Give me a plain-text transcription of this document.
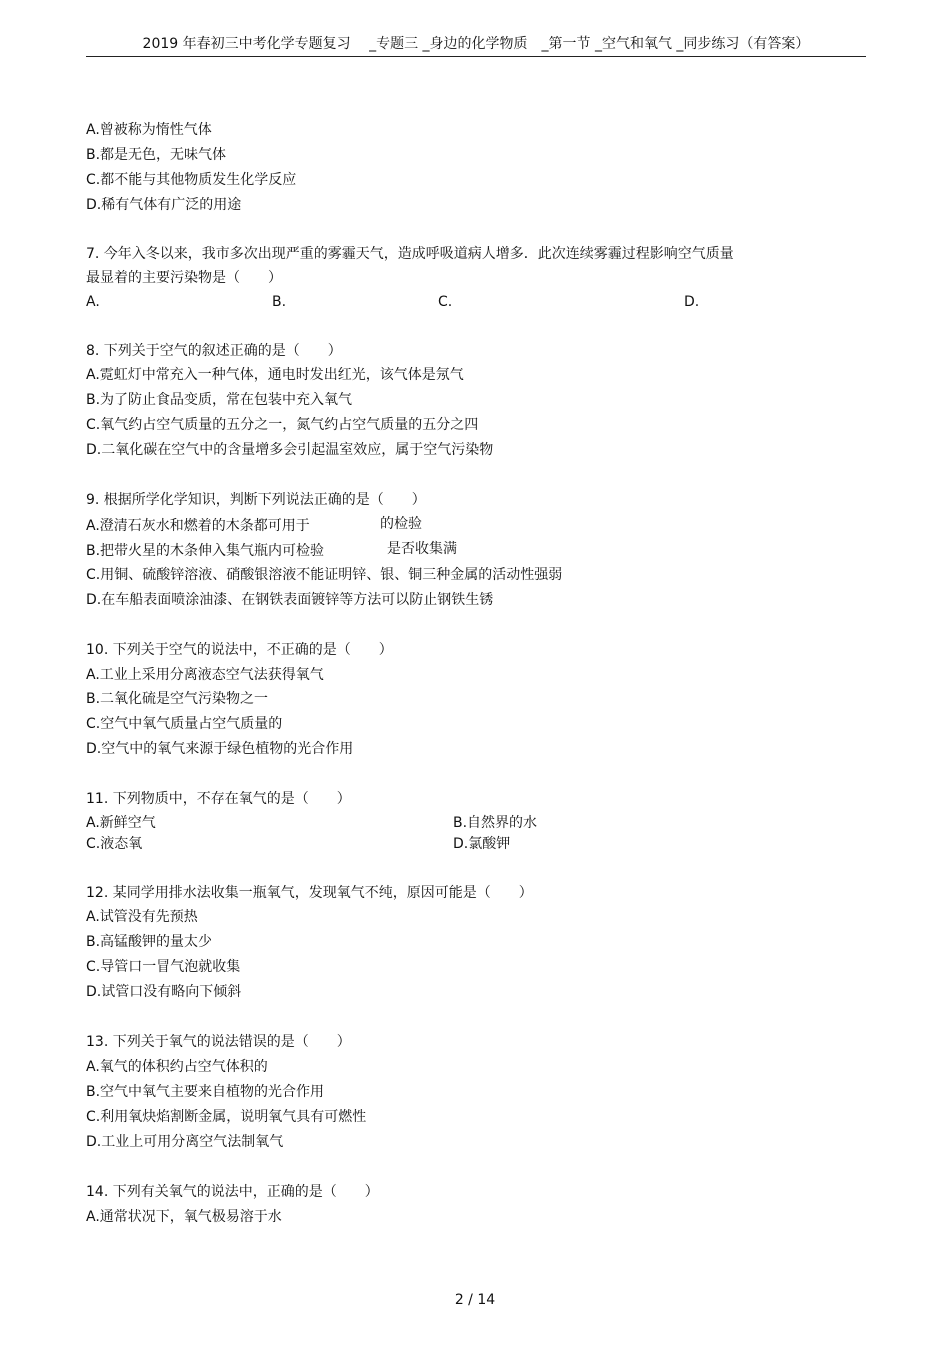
2019 年春初三中考化学专题复习　 _专题三 _身边的化学物质　_第一节 _空气和氧气 _同步练习（有答案）
A.曾被称为惰性气体
B.都是无色，无味气体
C.都不能与其他物质发生化学反应
D.稀有气体有广泛的用途
7. 今年入冬以来，我市多次出现严重的雾霾天气，造成呼吸道病人增多．此次连续雾霾过程影响空气质量
最显着的主要污染物是（　　）
A.	B.	C.	D.
8. 下列关于空气的叙述正确的是（　　）
A.霓虹灯中常充入一种气体，通电时发出红光，该气体是氖气
B.为了防止食品变质，常在包装中充入氧气
C.氧气约占空气质量的五分之一，氮气约占空气质量的五分之四
D.二氧化碳在空气中的含量增多会引起温室效应，属于空气污染物
9. 根据所学化学知识，判断下列说法正确的是（　　）
A.澄清石灰水和燃着的木条都可用于	的检验
B.把带火星的木条伸入集气瓶内可检验	是否收集满
C.用铜、硫酸锌溶液、硝酸银溶液不能证明锌、银、铜三种金属的活动性强弱
D.在车船表面喷涂油漆、在钢铁表面镀锌等方法可以防止钢铁生锈
10. 下列关于空气的说法中，不正确的是（　　）
A.工业上采用分离液态空气法获得氧气
B.二氧化硫是空气污染物之一
C.空气中氧气质量占空气质量的
D.空气中的氧气来源于绿色植物的光合作用
11. 下列物质中，不存在氧气的是（　　）
A.新鲜空气	B.自然界的水
C.液态氧	D.氯酸钾
12. 某同学用排水法收集一瓶氧气，发现氧气不纯，原因可能是（　　）
A.试管没有先预热
B.高锰酸钾的量太少
C.导管口一冒气泡就收集
D.试管口没有略向下倾斜
13. 下列关于氧气的说法错误的是（　　）
A.氧气的体积约占空气体积的
B.空气中氧气主要来自植物的光合作用
C.利用氧炔焰割断金属，说明氧气具有可燃性
D.工业上可用分离空气法制氧气
14. 下列有关氧气的说法中，正确的是（　　）
A.通常状况下，氧气极易溶于水
2 / 14
